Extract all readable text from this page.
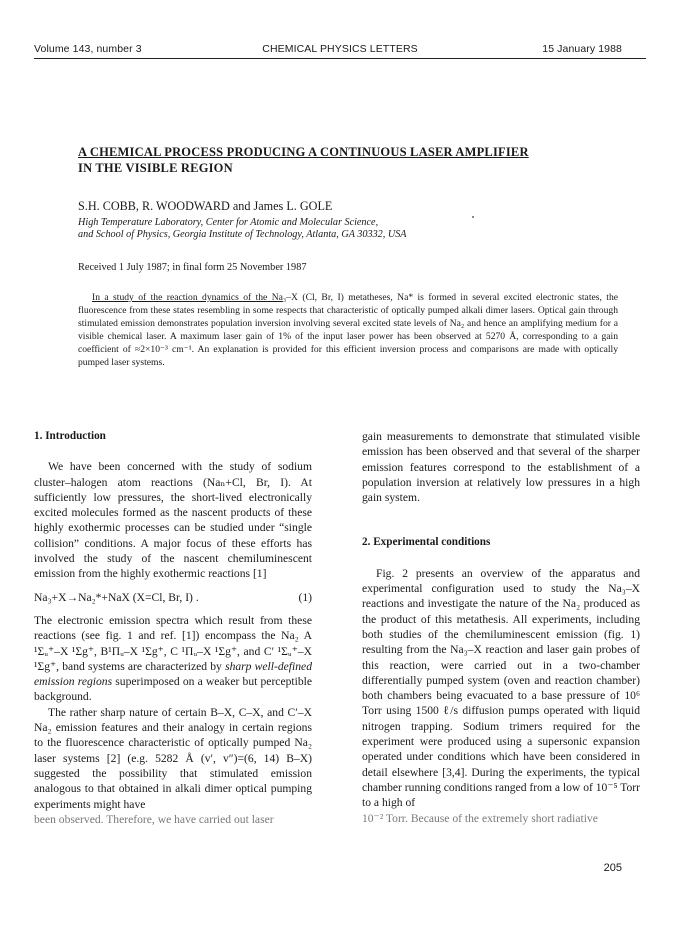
Volume 143, number 3	CHEMICAL PHYSICS LETTERS	15 January 1988
A CHEMICAL PROCESS PRODUCING A CONTINUOUS LASER AMPLIFIER
IN THE VISIBLE REGION
S.H. COBB, R. WOODWARD and James L. GOLE
High Temperature Laboratory, Center for Atomic and Molecular Science,
and School of Physics, Georgia Institute of Technology, Atlanta, GA 30332, USA
Received 1 July 1987; in final form 25 November 1987
In a study of the reaction dynamics of the Na₃–X (Cl, Br, I) metatheses, Na* is formed in several excited electronic states, the fluorescence from these states resembling in some respects that characteristic of optically pumped alkali dimer lasers. Optical gain through stimulated emission demonstrates population inversion involving several excited state levels of Na₂ and hence an amplifying medium for a visible chemical laser. A maximum laser gain of 1% of the input laser power has been observed at 5270 Å, corresponding to a gain coefficient of ≈2×10⁻³ cm⁻¹. An explanation is provided for this efficient inversion process and comparisons are made with optically pumped laser systems.
1. Introduction

We have been concerned with the study of sodium cluster–halogen atom reactions (Naₙ+Cl, Br, I). At sufficiently low pressures, the short-lived electronically excited molecules formed as the nascent products of these highly exothermic processes can be studied under “single collision” conditions. A major focus of these efforts has involved the study of the nascent chemiluminescent emission from the highly exothermic reactions [1]

Na₃+X→Na₂*+NaX (X=Cl, Br, I) .	(1)

The electronic emission spectra which result from these reactions (see fig. 1 and ref. [1]) encompass the Na₂ A ¹Σᵤ⁺–X ¹Σg⁺, B¹Πᵤ–X ¹Σg⁺, C ¹Πᵤ–X ¹Σg⁺, and C′ ¹Σᵤ⁺–X ¹Σg⁺, band systems are characterized by sharp well-defined emission regions superimposed on a weaker but perceptible background.

The rather sharp nature of certain B–X, C–X, and C′–X Na₂ emission features and their analogy in certain regions to the fluorescence characteristic of optically pumped Na₂ laser systems [2] (e.g. 5282 Å (v′, v″)=(6, 14) B–X) suggested the possibility that stimulated emission analogous to that obtained in alkali dimer optical pumping experiments might have

been observed. Therefore, we have carried out laser

gain measurements to demonstrate that stimulated visible emission has been observed and that several of the sharper emission features correspond to the establishment of a population inversion at relatively low pressures in a high gain system.

2. Experimental conditions

Fig. 2 presents an overview of the apparatus and experimental configuration used to study the Na₃–X reactions and investigate the nature of the Na₂ produced as the product of this metathesis. All experiments, including both studies of the chemiluminescent emission (fig. 1) resulting from the Na₃–X reaction and laser gain probes of this reaction, were carried out in a two-chamber differentially pumped system (oven and reaction chamber) both chambers being evacuated to a base pressure of 10⁶ Torr using 1500 ℓ/s diffusion pumps operated with liquid nitrogen trapping. Sodium trimers required for the experiment were produced using a supersonic expansion operated under conditions which have been considered in detail elsewhere [3,4]. During the experiments, the typical chamber running conditions ranged from a low of 10⁻⁵ Torr to a high of

10⁻² Torr. Because of the extremely short radiative

205
